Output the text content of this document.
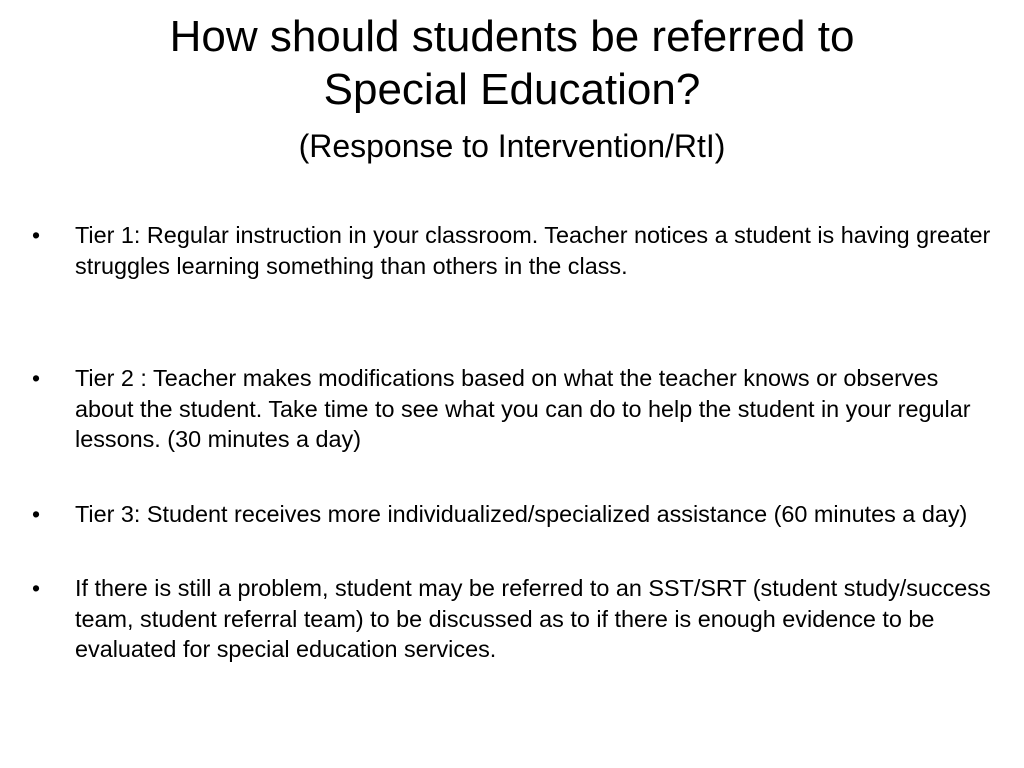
How should students be referred to
Special Education?
(Response to Intervention/RtI)
• Tier 1: Regular instruction in your classroom. Teacher notices a student is having greater struggles learning something than others in the class.
• Tier 2 : Teacher makes modifications based on what the teacher knows or observes about the student. Take time to see what you can do to help the student in your regular lessons. (30 minutes a day)
• Tier 3: Student receives more individualized/specialized assistance (60 minutes a day)
• If there is still a problem, student may be referred to an SST/SRT (student study/success team, student referral team) to be discussed as to if there is enough evidence to be evaluated for special education services.
